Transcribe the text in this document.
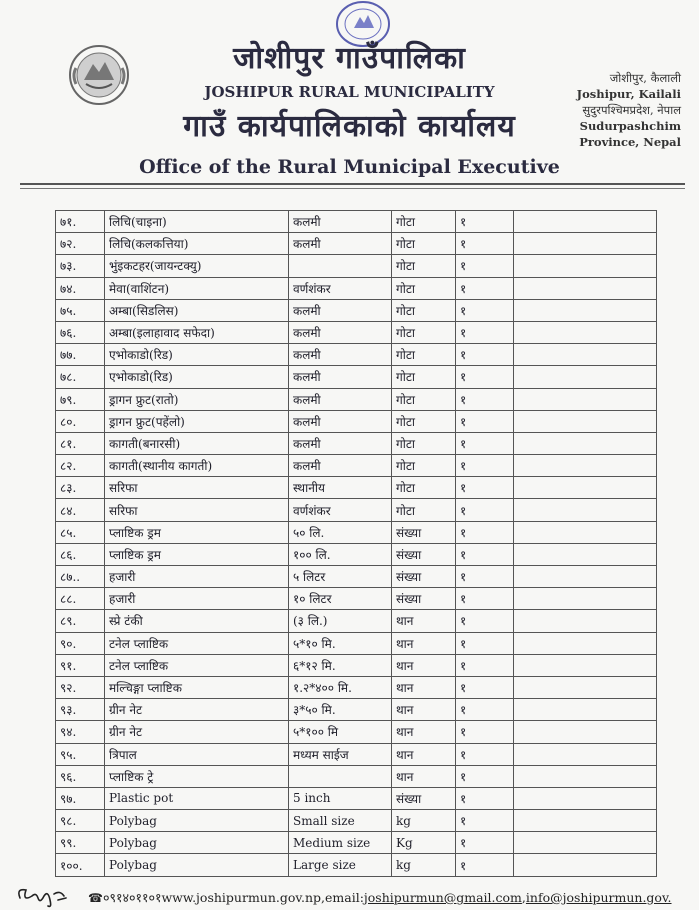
जोशीपुर गाउँपालिका
JOSHIPUR RURAL MUNICIPALITY
गाउँ कार्यपालिकाको कार्यालय
Office of the Rural Municipal Executive
जोशीपुर, कैलाली
Joshipur, Kailali
सुदुरपश्चिमप्रदेश, नेपाल
Sudurpashchim
Province, Nepal
७१.	लिचि(चाइना)	कलमी	गोटा	१	
७२.	लिचि(कलकत्तिया)	कलमी	गोटा	१	
७३.	भुंइकटहर(जायन्टक्यु)		गोटा	१	
७४.	मेवा(वाशिंटन)	वर्णशंकर	गोटा	१	
७५.	अम्बा(सिडलिस)	कलमी	गोटा	१	
७६.	अम्बा(इलाहावाद सफेदा)	कलमी	गोटा	१	
७७.	एभोकाडो(रिड)	कलमी	गोटा	१	
७८.	एभोकाडो(रिड)	कलमी	गोटा	१	
७९.	ड्रागन फ्रुट(रातो)	कलमी	गोटा	१	
८०.	ड्रागन फ्रुट(पहेंलो)	कलमी	गोटा	१	
८१.	कागती(बनारसी)	कलमी	गोटा	१	
८२.	कागती(स्थानीय कागती)	कलमी	गोटा	१	
८३.	सरिफा	स्थानीय	गोटा	१	
८४.	सरिफा	वर्णशंकर	गोटा	१	
८५.	प्लाष्टिक ड्रम	५० लि.	संख्या	१	
८६.	प्लाष्टिक ड्रम	१०० लि.	संख्या	१	
८७..	हजारी	५ लिटर	संख्या	१	
८८.	हजारी	१० लिटर	संख्या	१	
८९.	स्प्रे टंकी	(३ लि.)	थान	१	
९०.	टनेल प्लाष्टिक	५*१० मि.	थान	१	
९१.	टनेल प्लाष्टिक	६*१२ मि.	थान	१	
९२.	मल्चिङ्गा प्लाष्टिक	१.२*४०० मि.	थान	१	
९३.	ग्रीन नेट	३*५० मि.	थान	१	
९४.	ग्रीन नेट	५*१०० मि	थान	१	
९५.	त्रिपाल	मध्यम साईज	थान	१	
९६.	प्लाष्टिक ट्रे		थान	१	
९७.	Plastic pot	5 inch	संख्या	१	
९८.	Polybag	Small size	kg	१	
९९.	Polybag	Medium size	Kg	१	
१००.	Polybag	Large size	kg	१	
☎०९१४०११०१www.joshipurmun.gov.np,email:joshipurmun@gmail.com,info@joshipurmun.gov.
